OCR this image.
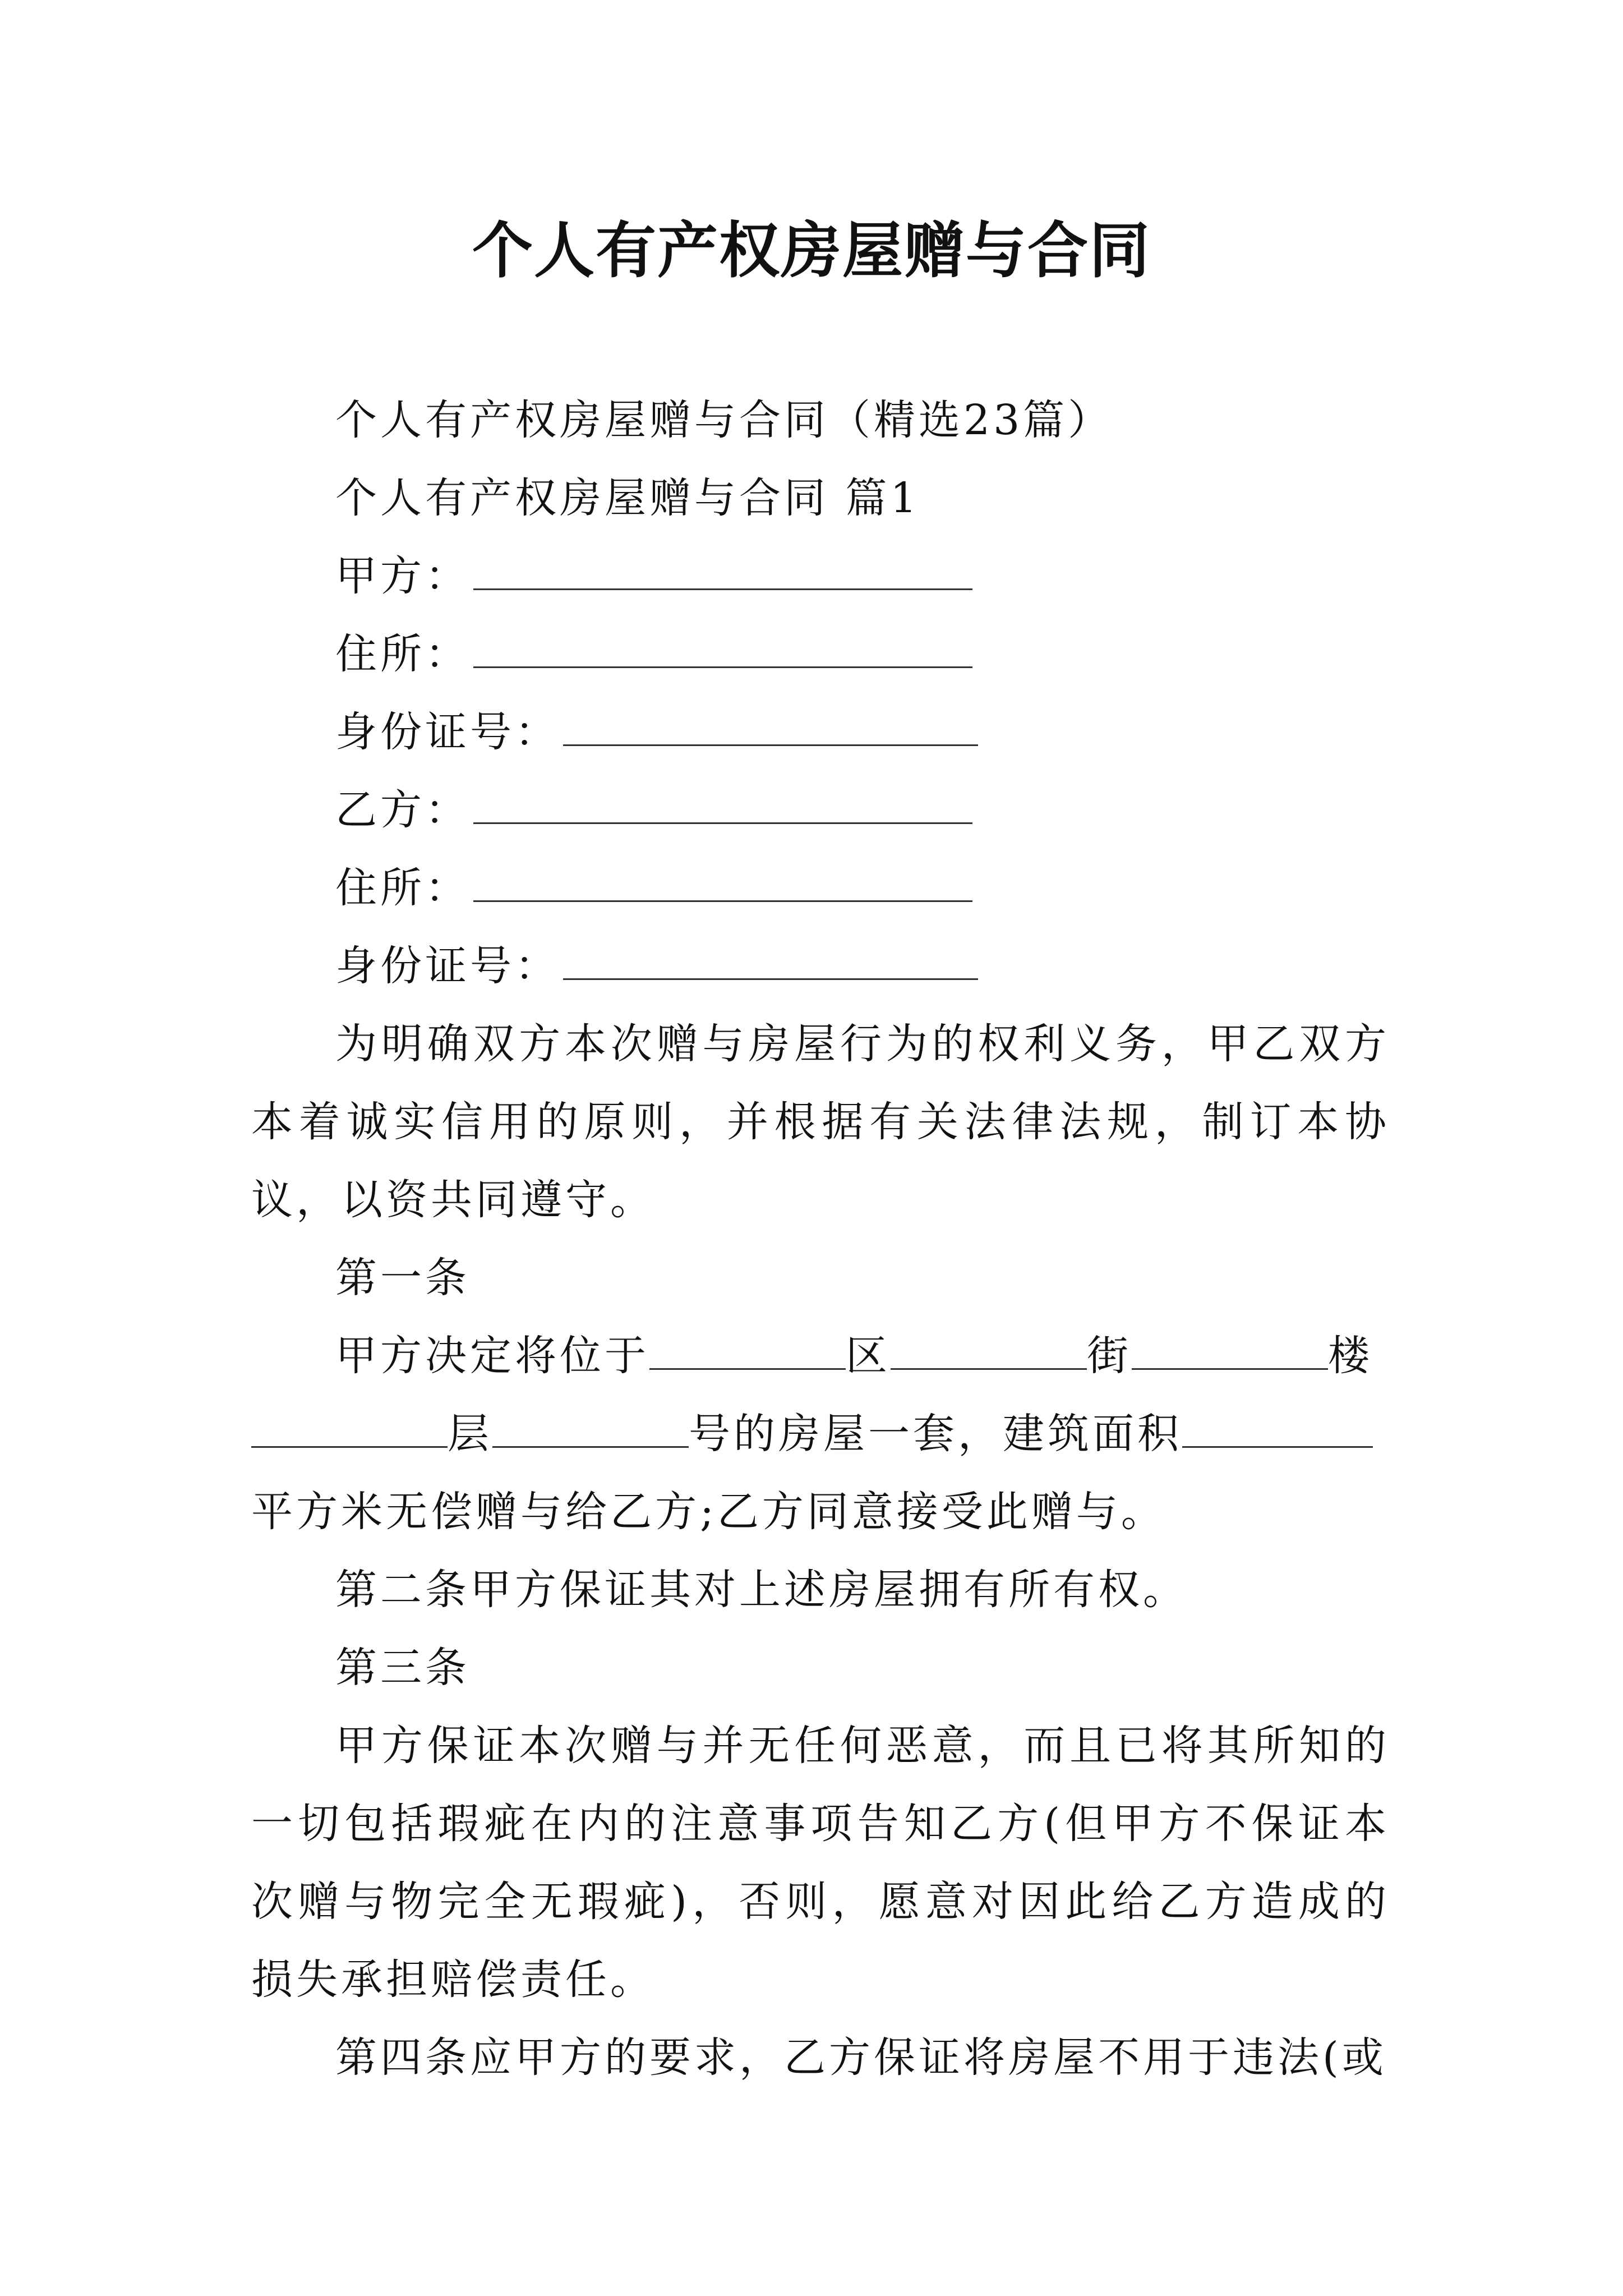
个人有产权房屋赠与合同
个人有产权房屋赠与合同（精选23篇）
个人有产权房屋赠与合同 篇1
甲方：
住所：
身份证号：
乙方：
住所：
身份证号：
为明确双方本次赠与房屋行为的权利义务，甲乙双方本着诚实信用的原则，并根据有关法律法规，制订本协议，以资共同遵守。
第一条
甲方决定将位于	区	街	楼
层	号的房屋一套，建筑面积
平方米无偿赠与给乙方;乙方同意接受此赠与。
第二条甲方保证其对上述房屋拥有所有权。
第三条
甲方保证本次赠与并无任何恶意，而且已将其所知的一切包括瑕疵在内的注意事项告知乙方(但甲方不保证本次赠与物完全无瑕疵)，否则，愿意对因此给乙方造成的损失承担赔偿责任。
第四条应甲方的要求，乙方保证将房屋不用于违法(或
